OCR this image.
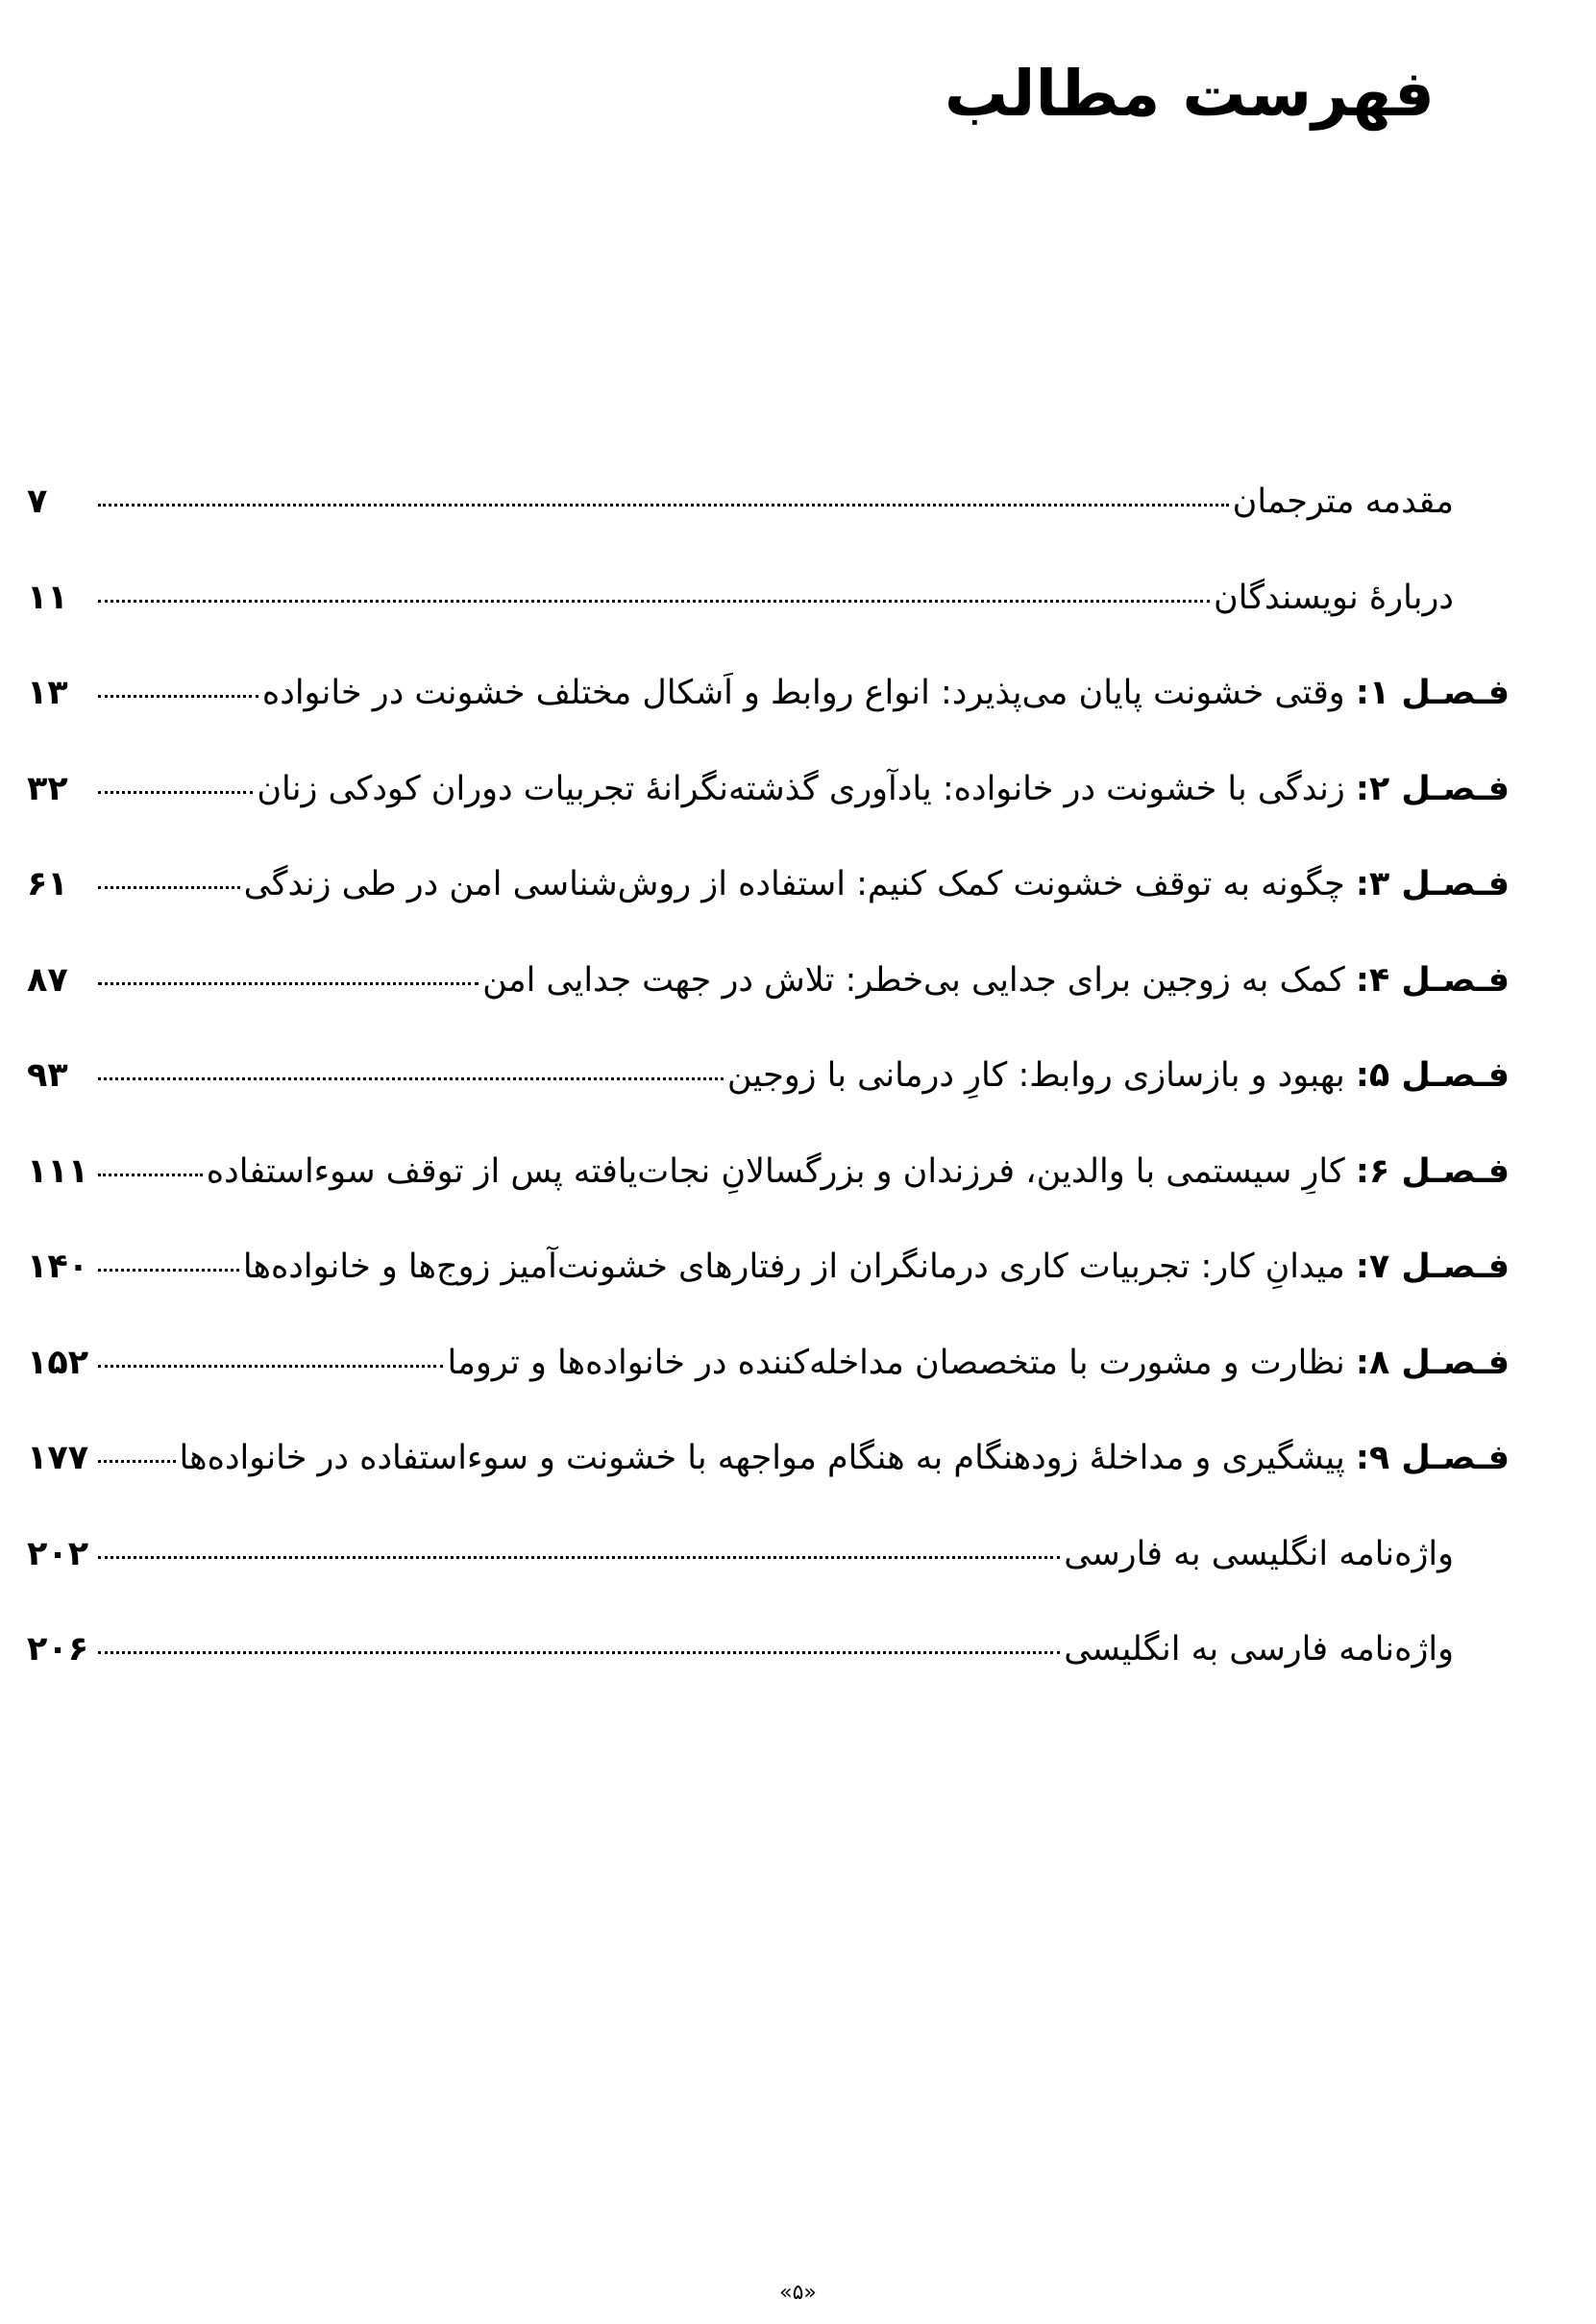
فهرست مطالب
مقدمه مترجمان
۷
دربارۀ نویسندگان
۱۱
فـصـل ۱: وقتی خشونت پایان می‌پذیرد: انواع روابط و اَشکال مختلف خشونت در خانواده
۱۳
فـصـل ۲: زندگی با خشونت در خانواده: یادآوری گذشته‌نگرانۀ تجربیات دوران کودکی زنان
۳۲
فـصـل ۳: چگونه به توقف خشونت کمک کنیم: استفاده از روش‌شناسی امن در طی زندگی
۶۱
فـصـل ۴: کمک به زوجین برای جدایی بی‌خطر: تلاش در جهت جدایی امن
۸۷
فـصـل ۵: بهبود و بازسازی روابط: کارِ درمانی با زوجین
۹۳
فـصـل ۶: کارِ سیستمی با والدین، فرزندان و بزرگسالانِ نجات‌یافته پس از توقف سوءاستفاده
۱۱۱
فـصـل ۷: میدانِ کار: تجربیات کاری درمانگران از رفتارهای خشونت‌آمیز زوج‌ها و خانواده‌ها
۱۴۰
فـصـل ۸: نظارت و مشورت با متخصصان مداخله‌کننده در خانواده‌ها و تروما
۱۵۲
فـصـل ۹: پیشگیری و مداخلۀ زودهنگام به هنگام مواجهه با خشونت و سوءاستفاده در خانواده‌ها
۱۷۷
واژه‌نامه انگلیسی به فارسی
۲۰۲
واژه‌نامه فارسی به انگلیسی
۲۰۶
«۵»
